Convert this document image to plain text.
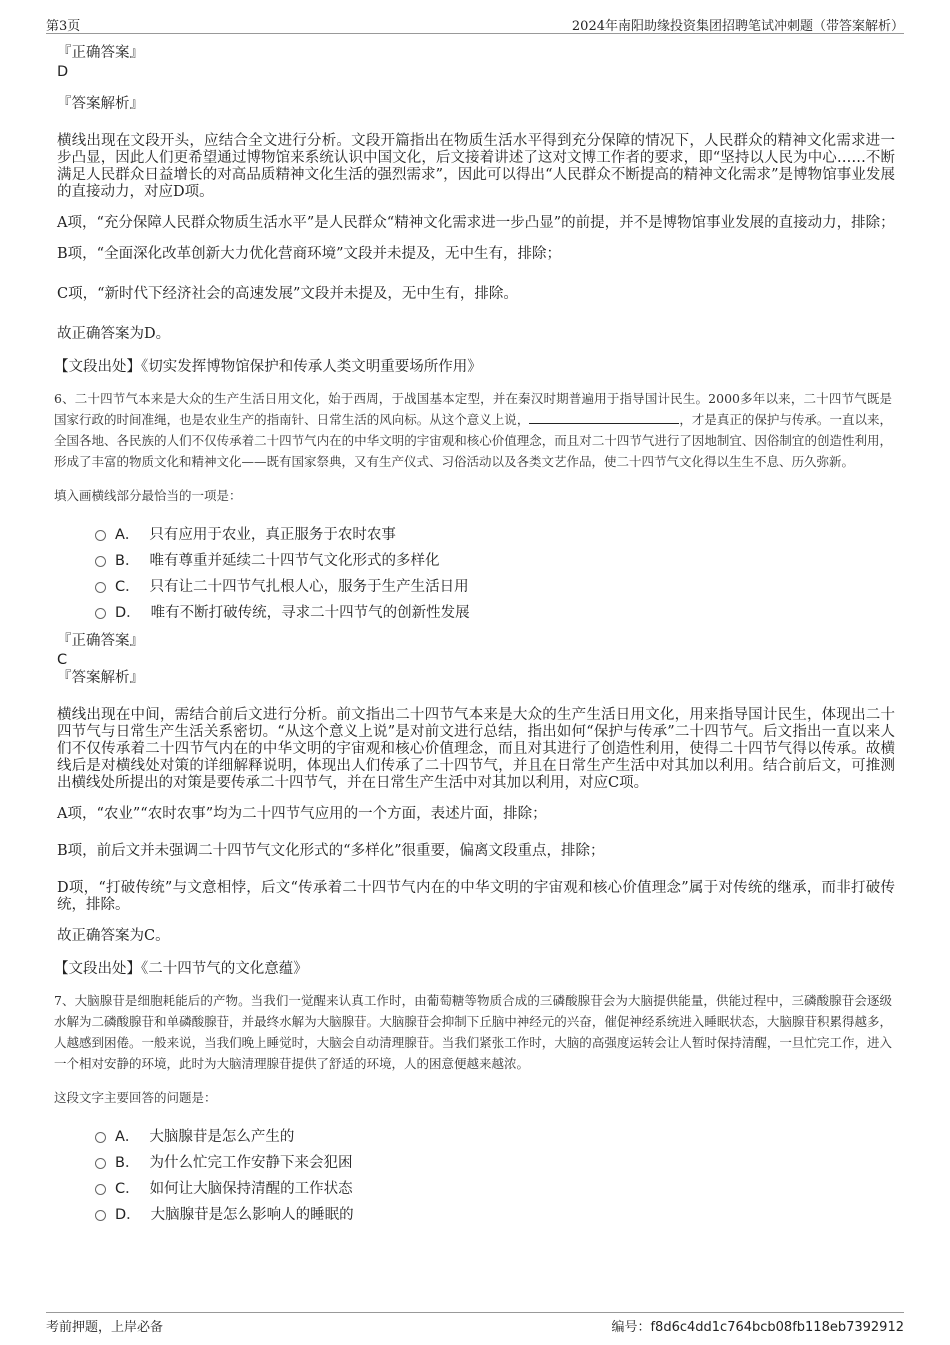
第3页	2024年南阳助缘投资集团招聘笔试冲刺题（带答案解析）

『正确答案』

D

『答案解析』

横线出现在文段开头，应结合全文进行分析。文段开篇指出在物质生活水平得到充分保障的情况下，人民群众的精神文化需求进一步凸显，因此人们更希望通过博物馆来系统认识中国文化，后文接着讲述了这对文博工作者的要求，即“坚持以人民为中心……不断满足人民群众日益增长的对高品质精神文化生活的强烈需求”，因此可以得出“人民群众不断提高的精神文化需求”是博物馆事业发展的直接动力，对应D项。

A项，“充分保障人民群众物质生活水平”是人民群众“精神文化需求进一步凸显”的前提，并不是博物馆事业发展的直接动力，排除；

B项，“全面深化改革创新大力优化营商环境”文段并未提及，无中生有，排除；

C项，“新时代下经济社会的高速发展”文段并未提及，无中生有，排除。

故正确答案为D。

【文段出处】《切实发挥博物馆保护和传承人类文明重要场所作用》

6、二十四节气本来是大众的生产生活日用文化，始于西周，于战国基本定型，并在秦汉时期普遍用于指导国计民生。2000多年以来，二十四节气既是国家行政的时间准绳，也是农业生产的指南针、日常生活的风向标。从这个意义上说，	，才是真正的保护与传承。一直以来，全国各地、各民族的人们不仅传承着二十四节气内在的中华文明的宇宙观和核心价值理念，而且对二十四节气进行了因地制宜、因俗制宜的创造性利用，形成了丰富的物质文化和精神文化——既有国家祭典，又有生产仪式、习俗活动以及各类文艺作品，使二十四节气文化得以生生不息、历久弥新。

填入画横线部分最恰当的一项是：

A． 只有应用于农业，真正服务于农时农事
B． 唯有尊重并延续二十四节气文化形式的多样化
C． 只有让二十四节气扎根人心，服务于生产生活日用
D． 唯有不断打破传统，寻求二十四节气的创新性发展

『正确答案』

C

『答案解析』

横线出现在中间，需结合前后文进行分析。前文指出二十四节气本来是大众的生产生活日用文化，用来指导国计民生，体现出二十四节气与日常生产生活关系密切。“从这个意义上说”是对前文进行总结，指出如何“保护与传承”二十四节气。后文指出一直以来人们不仅传承着二十四节气内在的中华文明的宇宙观和核心价值理念，而且对其进行了创造性利用，使得二十四节气得以传承。故横线后是对横线处对策的详细解释说明，体现出人们传承了二十四节气，并且在日常生产生活中对其加以利用。结合前后文，可推测出横线处所提出的对策是要传承二十四节气，并在日常生产生活中对其加以利用，对应C项。

A项，“农业”“农时农事”均为二十四节气应用的一个方面，表述片面，排除；

B项，前后文并未强调二十四节气文化形式的“多样化”很重要，偏离文段重点，排除；

D项，“打破传统”与文意相悖，后文“传承着二十四节气内在的中华文明的宇宙观和核心价值理念”属于对传统的继承，而非打破传统，排除。

故正确答案为C。

【文段出处】《二十四节气的文化意蕴》

7、大脑腺苷是细胞耗能后的产物。当我们一觉醒来认真工作时，由葡萄糖等物质合成的三磷酸腺苷会为大脑提供能量，供能过程中，三磷酸腺苷会逐级水解为二磷酸腺苷和单磷酸腺苷，并最终水解为大脑腺苷。大脑腺苷会抑制下丘脑中神经元的兴奋，催促神经系统进入睡眠状态，大脑腺苷积累得越多，人越感到困倦。一般来说，当我们晚上睡觉时，大脑会自动清理腺苷。当我们紧张工作时，大脑的高强度运转会让人暂时保持清醒，一旦忙完工作，进入一个相对安静的环境，此时为大脑清理腺苷提供了舒适的环境，人的困意便越来越浓。

这段文字主要回答的问题是：

A． 大脑腺苷是怎么产生的
B． 为什么忙完工作安静下来会犯困
C． 如何让大脑保持清醒的工作状态
D． 大脑腺苷是怎么影响人的睡眠的
考前押题，上岸必备	编号：f8d6c4dd1c764bcb08fb118eb7392912
